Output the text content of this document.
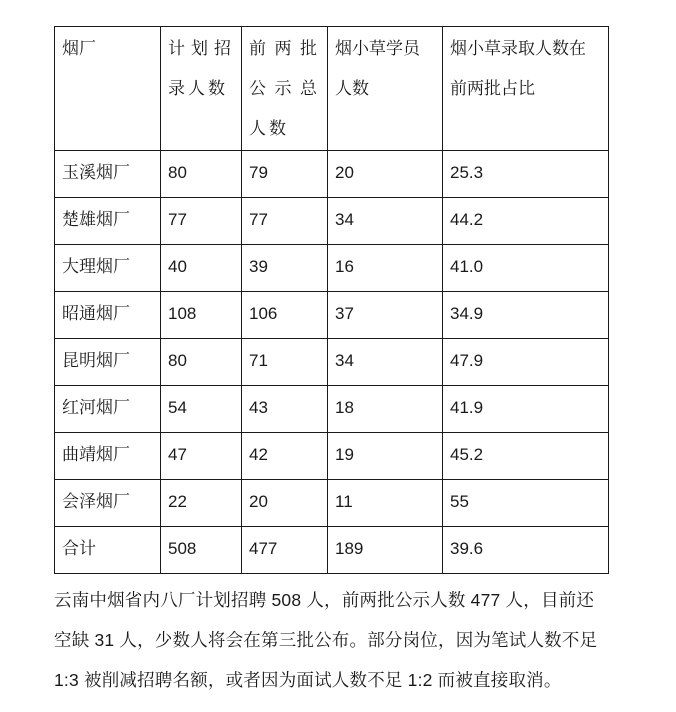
烟厂	计划招录人数	前两批公示总人数	烟小草学员人数	烟小草录取人数在前两批占比
玉溪烟厂	80	79	20	25.3
楚雄烟厂	77	77	34	44.2
大理烟厂	40	39	16	41.0
昭通烟厂	108	106	37	34.9
昆明烟厂	80	71	34	47.9
红河烟厂	54	43	18	41.9
曲靖烟厂	47	42	19	45.2
会泽烟厂	22	20	11	55
合计	508	477	189	39.6
云南中烟省内八厂计划招聘 508 人，前两批公示人数 477 人，目前还空缺 31 人，少数人将会在第三批公布。部分岗位，因为笔试人数不足 1:3 被削减招聘名额，或者因为面试人数不足 1:2 而被直接取消。
